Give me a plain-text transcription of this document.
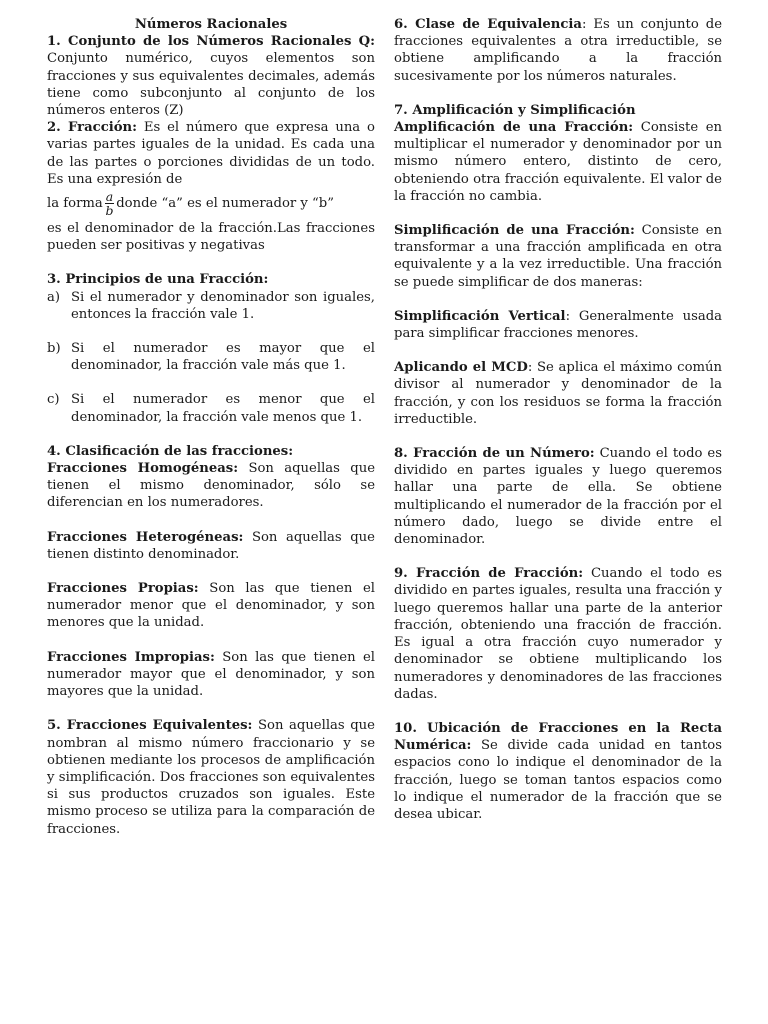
Números Racionales

1. Conjunto de los Números Racionales Q: Conjunto numérico, cuyos elementos son fracciones y sus equivalentes decimales, además tiene como subconjunto al conjunto de los números enteros (Z)

2. Fracción: Es el número que expresa una o varias partes iguales de la unidad. Es cada una de las partes o porciones divididas de un todo. Es una expresión de

la forma $\frac{a}{b}$ donde “a” es el numerador y “b”

es el denominador de la fracción.Las fracciones pueden ser positivas y negativas

3. Principios de una Fracción:

a) Si el numerador y denominador son iguales, entonces la fracción vale 1.
b) Si el numerador es mayor que el denominador, la fracción vale más que 1.
c) Si el numerador es menor que el denominador, la fracción vale menos que 1.

4. Clasificación de las fracciones:

Fracciones Homogéneas: Son aquellas que tienen el mismo denominador, sólo se diferencian en los numeradores.

Fracciones Heterogéneas: Son aquellas que tienen distinto denominador.

Fracciones Propias: Son las que tienen el numerador menor que el denominador, y son menores que la unidad.

Fracciones Impropias: Son las que tienen el numerador mayor que el denominador, y son mayores que la unidad.

5. Fracciones Equivalentes: Son aquellas que nombran al mismo número fraccionario y se obtienen mediante los procesos de amplificación y simplificación. Dos fracciones son equivalentes si sus productos cruzados son iguales. Este mismo proceso se utiliza para la comparación de fracciones.

6. Clase de Equivalencia: Es un conjunto de fracciones equivalentes a otra irreductible, se obtiene amplificando a la fracción sucesivamente por los números naturales.

7. Amplificación y Simplificación

Amplificación de una Fracción: Consiste en multiplicar el numerador y denominador por un mismo número entero, distinto de cero, obteniendo otra fracción equivalente. El valor de la fracción no cambia.

Simplificación de una Fracción: Consiste en transformar a una fracción amplificada en otra equivalente y a la vez irreductible. Una fracción se puede simplificar de dos maneras:

Simplificación Vertical: Generalmente usada para simplificar fracciones menores.

Aplicando el MCD: Se aplica el máximo común divisor al numerador y denominador de la fracción, y con los residuos se forma la fracción irreductible.

8. Fracción de un Número: Cuando el todo es dividido en partes iguales y luego queremos hallar una parte de ella. Se obtiene multiplicando el numerador de la fracción por el número dado, luego se divide entre el denominador.

9. Fracción de Fracción: Cuando el todo es dividido en partes iguales, resulta una fracción y luego queremos hallar una parte de la anterior fracción, obteniendo una fracción de fracción. Es igual a otra fracción cuyo numerador y denominador se obtiene multiplicando los numeradores y denominadores de las fracciones dadas.

10. Ubicación de Fracciones en la Recta Numérica: Se divide cada unidad en tantos espacios cono lo indique el denominador de la fracción, luego se toman tantos espacios como lo indique el numerador de la fracción que se desea ubicar.
